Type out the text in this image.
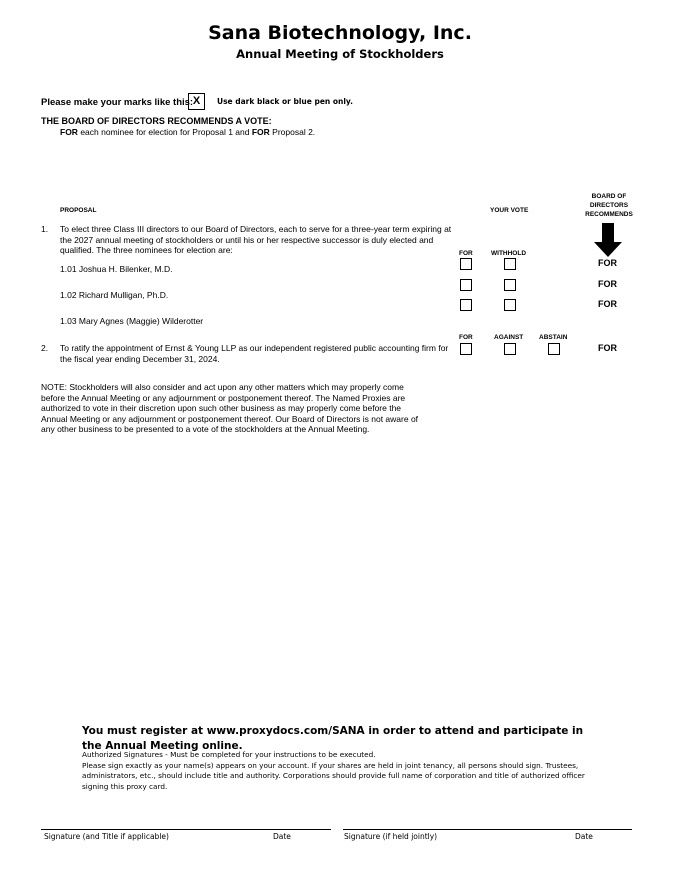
Sana Biotechnology, Inc.
Annual Meeting of Stockholders
Please make your marks like this: X	Use dark black or blue pen only.
THE BOARD OF DIRECTORS RECOMMENDS A VOTE:
FOR each nominee for election for Proposal 1 and FOR Proposal 2.
PROPOSAL	YOUR VOTE
BOARD OF
DIRECTORS
RECOMMENDS
1. To elect three Class III directors to our Board of Directors, each to serve for a three-year term expiring at the 2027 annual meeting of stockholders or until his or her respective successor is duly elected and qualified. The three nominees for election are:	FOR	WITHHOLD
1.01 Joshua H. Bilenker, M.D.
FOR
1.02 Richard Mulligan, Ph.D.
FOR
1.03 Mary Agnes (Maggie) Wilderotter
FOR
FOR	AGAINST ABSTAIN
2. To ratify the appointment of Ernst & Young LLP as our independent registered public accounting firm for the fiscal year ending December 31, 2024.
FOR
NOTE: Stockholders will also consider and act upon any other matters which may properly come before the Annual Meeting or any adjournment or postponement thereof. The Named Proxies are authorized to vote in their discretion upon such other business as may properly come before the Annual Meeting or any adjournment or postponement thereof. Our Board of Directors is not aware of any other business to be presented to a vote of the stockholders at the Annual Meeting.
You must register at www.proxydocs.com/SANA in order to attend and participate in the Annual Meeting online.
Authorized Signatures - Must be completed for your instructions to be executed.
Please sign exactly as your name(s) appears on your account. If your shares are held in joint tenancy, all persons should sign. Trustees, administrators, etc., should include title and authority. Corporations should provide full name of corporation and title of authorized officer signing this proxy card.
Signature (and Title if applicable)	Date	Signature (if held jointly)	Date
